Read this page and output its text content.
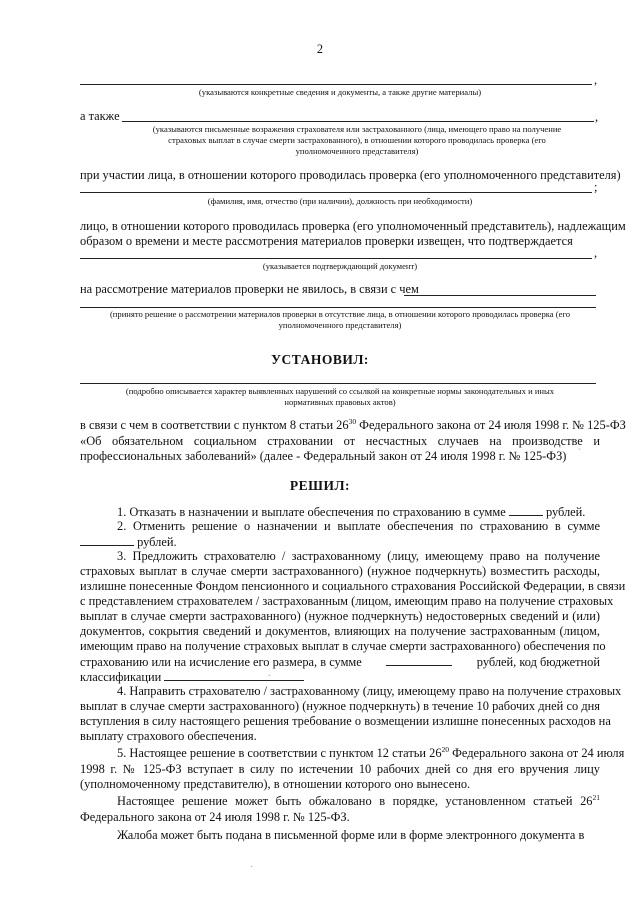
2
,
(указываются конкретные сведения и документы, а также другие материалы)
а также	,
(указываются письменные возражения страхователя или застрахованного (лица, имеющего право на получение
страховых выплат в случае смерти застрахованного), в отношении которого проводилась проверка (его
уполномоченного представителя)
при участии лица, в отношении которого проводилась проверка (его уполномоченного представителя)
;
(фамилия, имя, отчество (при наличии), должность при необходимости)
лицо, в отношении которого проводилась проверка (его уполномоченный представитель), надлежащим
образом о времени и месте рассмотрения материалов проверки извещен, что подтверждается
,
(указывается подтверждающий документ)
на рассмотрение материалов проверки не явилось, в связи с чем
(принято решение о рассмотрении материалов проверки в отсутствие лица, в отношении которого проводилась проверка (его
уполномоченного представителя)
УСТАНОВИЛ:
(подробно описывается характер выявленных нарушений со ссылкой на конкретные нормы законодательных и иных
нормативных правовых актов)
в связи с чем в соответствии с пунктом 8 статьи $26^{30}$ Федерального закона от 24 июля 1998 г. № 125-ФЗ
«Об обязательном социальном страховании от несчастных случаев на производстве и
профессиональных заболеваний» (далее - Федеральный закон от 24 июля 1998 г. № 125-ФЗ) ˋ
РЕШИЛ:
1. Отказать в назначении и выплате обеспечения по страхованию в сумме	рублей.
2. Отменить решение о назначении и выплате обеспечения по страхованию в сумме
рублей.
3. Предложить страхователю / застрахованному (лицу, имеющему право на получение
страховых выплат в случае смерти застрахованного) (нужное подчеркнуть) возместить расходы,
излишне понесенные Фондом пенсионного и социального страхования Российской Федерации, в связи
с представлением страхователем / застрахованным (лицом, имеющим право на получение страховых
выплат в случае смерти застрахованного) (нужное подчеркнуть) недостоверных сведений и (или)
документов, сокрытия сведений и документов, влияющих на получение застрахованным (лицом,
имеющим право на получение страховых выплат в случае смерти застрахованного) обеспечения по
страхованию или на исчисление его размера, в сумме	рублей, код бюджетной
классификации	.
4. Направить страхователю / застрахованному (лицу, имеющему право на получение страховых
выплат в случае смерти застрахованного) (нужное подчеркнуть) в течение 10 рабочих дней со дня
вступления в силу настоящего решения требование о возмещении излишне понесенных расходов на
выплату страхового обеспечения.
5. Настоящее решение в соответствии с пунктом 12 статьи $26^{20}$ Федерального закона от 24 июля
1998 г. № 125-ФЗ вступает в силу по истечении 10 рабочих дней со дня его вручения лицу
(уполномоченному представителю), в отношении которого оно вынесено.
Настоящее решение может быть обжаловано в порядке, установленном статьей $26^{21}$
Федерального закона от 24 июля 1998 г. № 125-ФЗ.
Жалоба может быть подана в письменной форме или в форме электронного документа в
·
